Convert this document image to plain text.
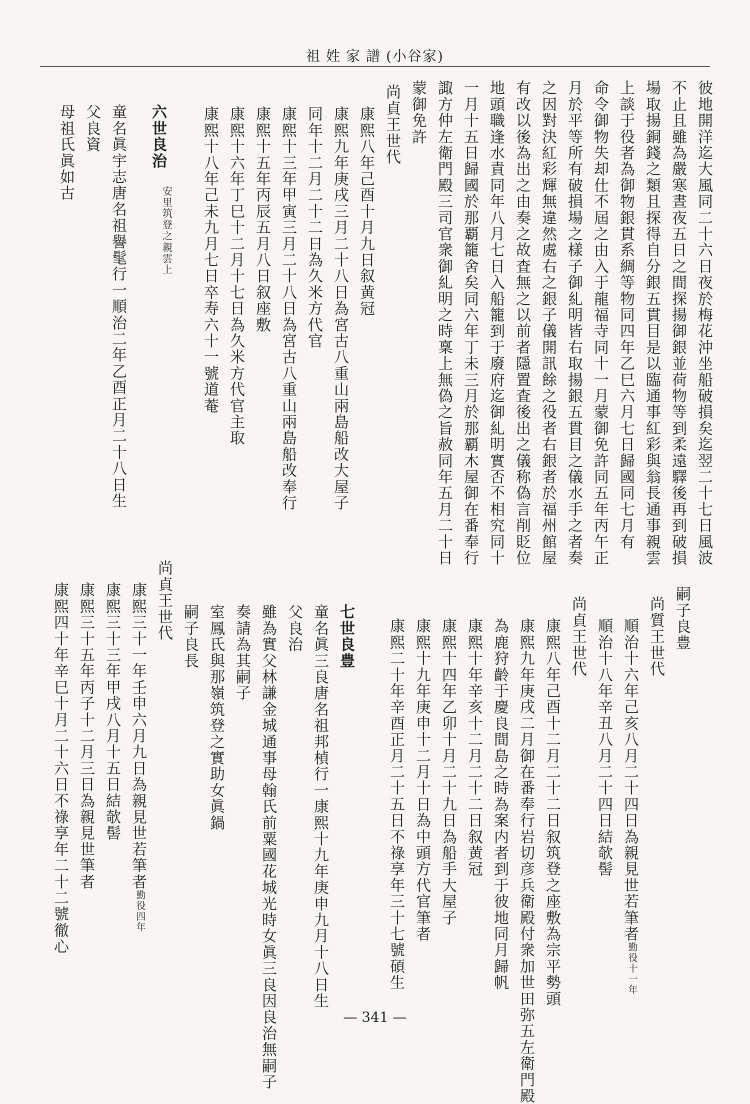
祖姓家譜(小谷家)
彼地開洋迄大風同二十六日夜於梅花沖坐船破損矣迄翌二十七日風波
不止且雖為嚴寒晝夜五日之間探揚御銀並荷物等到柔遠驛後再到破損
場取揚銅錢之類且探得自分銀五貫目是以臨通事紅彩與翁長通事親雲
上談于役者為御物銀貫系綢等物同四年乙巳六月七日歸國同七月有
命令御物失却仕不屆之由入于龍福寺同十一月蒙御免許同五年丙午正
月於平等所有破損場之樣子御糺明皆右取揚銀五貫目之儀水手之者奏
之因對決紅彩輝無違然處右之銀子儀開訊餘之役者右銀者於福州館屋
有改以後為出之由奏之故査無之以前者隱置査後出之儀称偽言削貶位
地頭職逢水責同年八月七日入船籠到于廢府迄御糺明實否不相究同十
一月十五日歸國於那覇籠舍矣同六年丁未三月於那覇木屋御在番奉行
諏方仲左衛門殿三司官衆御糺明之時稟上無偽之旨赦同年五月二十日
蒙御免許
尚貞王世代
康熙八年己酉十月九日叙黄冠
康熙九年庚戌三月二十八日為宮古八重山兩島船改大屋子
同年十二月二十二日為久米方代官
康熙十三年甲寅三月二十八日為宮古八重山兩島船改奉行
康熙十五年丙辰五月八日叙座敷
康熙十六年丁巳十二月十七日為久米方代官主取
康熙十八年己未九月七日卒寿六十一號道菴
六世良治
安里筑登之親雲上
童名眞宇志唐名祖譽髦行一順治二年乙酉正月二十八日生
父良資
母祖氏眞如古
嗣子良豊
尚質王世代
順治十六年己亥八月二十四日為親見世若筆者勤役十一年
順治十八年辛丑八月二十四日結欹髻
尚貞王世代
康熙八年己酉十二月二十二日叙筑登之座敷為宗平勢頭
康熙九年庚戌二月御在番奉行岩切彦兵衛殿付衆加世田弥五左衛門殿
為鹿狩齡于慶良間島之時為案内者到于彼地同月歸帆
康熙十年辛亥十二月二十二日叙黄冠
康熙十四年乙卯十月二十九日為船手大屋子
康熙十九年庚申十二月十日為中頭方代官筆者
康熙二十年辛酉正月二十五日不祿享年三十七號碩生
七世良豊
童名眞三良唐名祖邦楨行一康熙十九年庚申九月十八日生
父良治
雖為實父林謙金城通事母翰氏前粟國花城光時女眞三良因良治無嗣子
奏請為其嗣子
室鳳氏與那嶺筑登之實助女眞鍋
嗣子良長
尚貞王世代
康熙三十一年壬申六月九日為親見世若筆者勤役四年
康熙三十三年甲戌八月十五日結欹髻
康熙三十五年丙子十二月三日為親見世筆者
康熙四十年辛巳十月二十六日不祿享年二十二號徹心
— 341 —
